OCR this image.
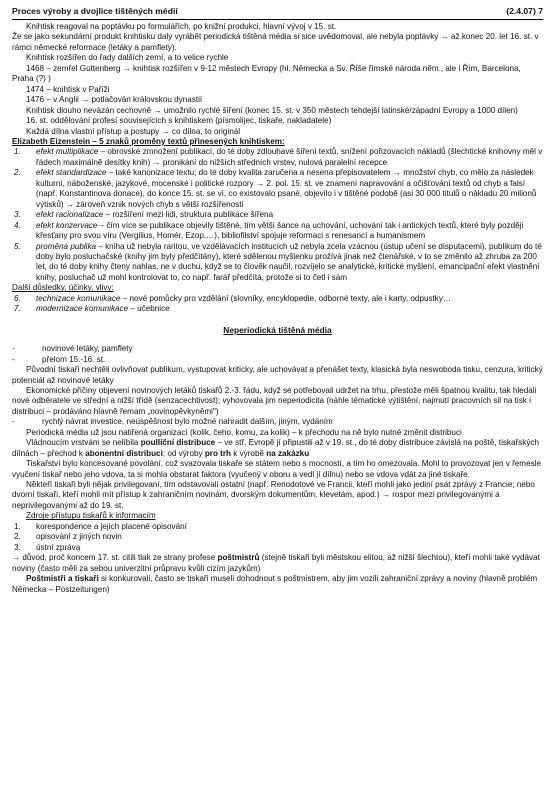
Proces výroby a dvojlice tištěných médií	(2.4.07) 7

Knihtisk reagoval na poptávku po formulářích, po knižní produkci, hlavní vývoj v 15. st.

Že se jako sekundární produkt knihtisku daly vyrábět periodická tištěná média si sice uvědomoval, ale nebyla poptávky → až konec 20. let 16. st. v rámci německé reformace (letáky a pamflety).

Knihtisk rozšířen do řady dalších zemí, a to velice rychle

1468 – zemřel Guttenberg → knihtisk rozšířen v 9-12 městech Evropy (hl. Německa a Sv. Říše římské národa něm., ale i Řím, Barcelona, Praha (?) )

1474 – knihtisk v Paříži

1476 – v Anglii → potlačován královskou dynastií

Knihtisk dlouho nevázán cechovně → umožnilo rychlé šíření (konec 15. st. v 350 městech tehdejší latinské/západní Evropy a 1000 dílen)

16. st. oddělování profesí souvisejících s knihtiskem (písmolijec, tiskaře, nakladatele)

Každá dílna vlastní přístup a postupy → co dílna, to originál

Elizabeth Eizenstein – 5 znaků proměny textů přinesených knihtiskem:

1.	efekt multiplikace – obrovské zmnožení publikací, do té doby zdlouhavé šíření textů, snížení pořizovacích nákladů (šlechtické knihovny měl v řádech maximálně desítky knih) → pronikání do nižších středních vrstev, nulová paralelní recepce
2.	efekt standardizace – také kanonizace textu; do té doby kvalita zaručena a nesena přepisovatelem → množství chyb, co mělo za následek kulturní, náboženské, jazykové, mocenské i politické rozpory → 2. pol. 15. st. ve znamení napravování a očišťování textů od chyb a falsí (např. Konstantinova donace), do konce 15. st. se ví, co existovalo psané, objevilo i v tištěné podobě (asi 30 000 titulů o nákladu 20 milionů výtisků) → zároveň vznik nových chyb s větší rozšířeností
3.	efekt racionalizace – rozšíření mezi lidi, struktura publikace šířena
4.	efekt konzervace – čím více se publikace objevily tištěné, tím větší šance na uchování, uchování tak i antických textů, které byly později křesťany pro svou víru (Vergilius, Homér, Ezop,…), bibliofilství spojuje reformaci s renesancí a humanismem
5.	proměna publika – kniha už nebyla raritou, ve vzdělávacích institucích už nebyla zcela vzácnou (ústup učení se disputacemi), publikum do té doby bylo posluchačské (knihy jim byly předčítány), které sdělenou myšlenku prožívá jinak než čtenářské, v to se změnilo až zhruba za 200 let, do té doby knihy čteny nahlas, ne v duchu, když se to člověk naučil, rozvíjelo se analytické, kritické myšlení, emancipační efekt vlastnění knihy, posluchač už mohl kontrolovat to, co např. farář předčítá, protože si to četl i sám

Další důsledky, účinky, vlivy:

6.	technizace komunikace – nové pomůcky pro vzdělání (slovníky, encyklopedie, odborné texty, ale i karty, odpustky…
7.	modernizace komunikace – učebnice
Neperiodická tištěná média
-	novinové letáky, pamflety
-	přelom 15.-16. st.

Původní tiskaři nechtěli ovlivňovat publikum, vystupovat kriticky, ale uchovávat a přenášet texty, klasická byla neswobodа tisku, cenzura, kritický potenciál až novinové letáky

Ekonomické příčiny objevení novinových letáků tiskařů 2.-3. řádu, když se potřebovali udržet na trhu, přestože měli špatnou kvalitu, tak hledali nové odběratele ve střední a nižší třídě (senzacechtivost); vyhovovala jim neperiodicita (náhle tématické výtištění, najmutí pracovních sil na tisk i distribuci – prodáváno hlavně řemam „novinopěvkyněmi")

-	rychlý návrat investice, neúspěšnost bylo možné nahradit dalším, jiným, vydáním

Periodická média už jsou natiřená organizací (kolik, čeho, komu, za kolik) – k přechodu na ně bylo nutné změnit distribuci

Vládnoucím vrstvám se nelíbila poulliční distribuce – ve stř. Evropě jí připustili až v 19. st., do té doby distribuce závislá na poště, tiskařských dílnách – přechod k abonentní distribuci; od výroby pro trh k výrobě na zakázku

Tiskařství bylo koncesované povolání, což svazovala tiskaře se státem nebo s mocností, a tím ho omezovala. Mohl to provozovat jen v řemesle vyučení tiskař nebo jeho vdova, ta si mohla obstarat faktora (vyučený v oboru a vedl jí dílnu) nebo se vdova vdát za jiné tiskaře.

Někteří tiskaři byli nějak privilegovaní, tím odstavovali ostatní (např. Renodotové ve Francii, kteří mohli jako jediní psát zprávy z Francie; nebo dvorní tiskaři, kteří mohli mít přístup k zahraničním novinám, dvorským dokumentům, klevetám, apod.) → rospor mezi privilegovanými a neprivilegovanými až do 19. st.

Zdroje přístupu tiskařů k informacím

1.	korespondence a jejich placené opisování
2.	opisování z jiných novin
3.	ústní zpráva

→ důvod, proč koncem 17. st. citili tlak ze strany profese poštmistrů (stejně tiskaři byli městskou elitou, až nižší šlechtou), kteří mohli také vydávat noviny (často měli za sebou univerzitní průpravu kvůli cizím jazykům)

Poštmistři a tiskaři si konkurovali, často se tiskaři museli dohodnout s poštmistrem, aby jim vozili zahraniční zprávy a noviny (hlavně problém Německa – Postzeitungen)
